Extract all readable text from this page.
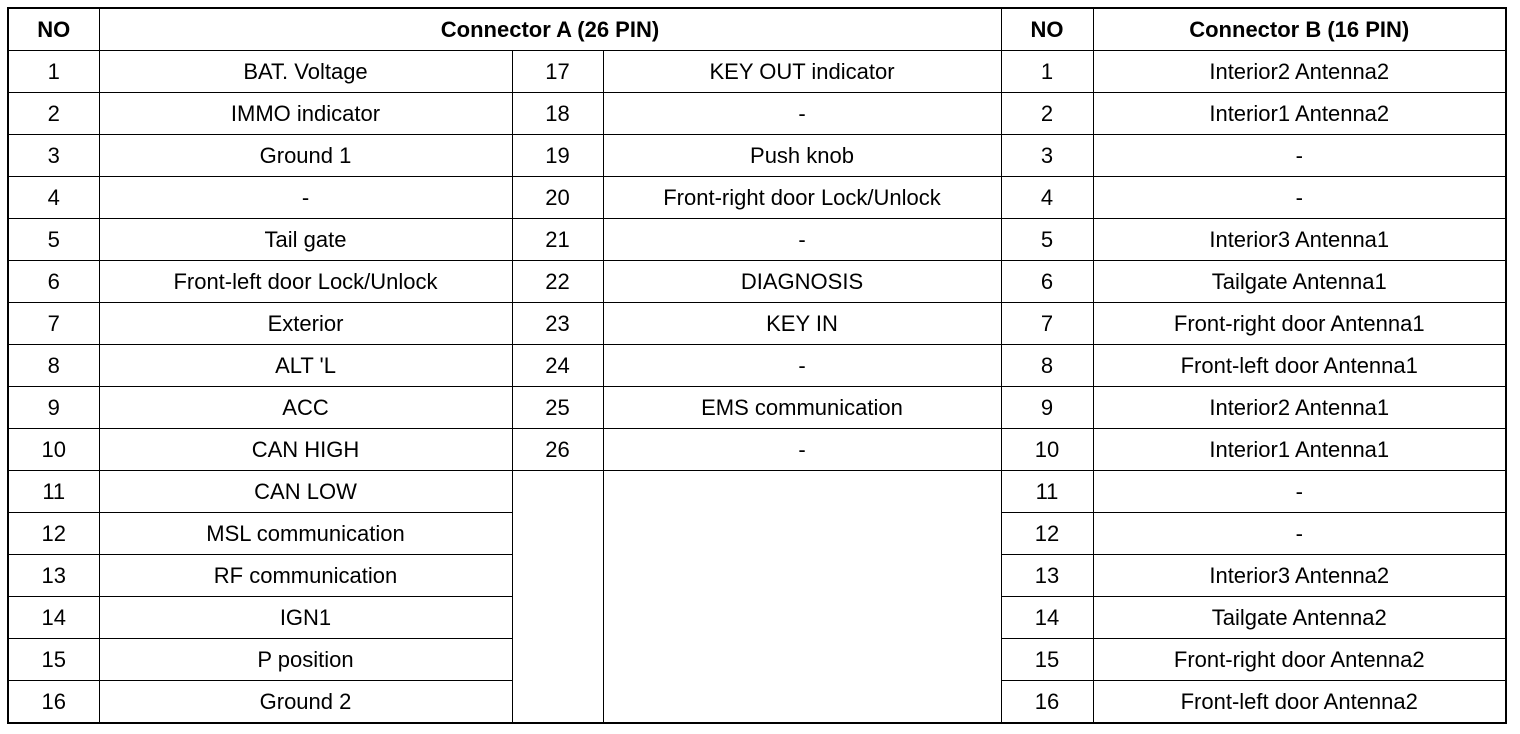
NO	Connector A (26 PIN)			NO	Connector B (16 PIN)
1	BAT. Voltage	17	KEY OUT indicator	1	Interior2 Antenna2
2	IMMO indicator	18	-	2	Interior1 Antenna2
3	Ground 1	19	Push knob	3	-
4	-	20	Front-right door Lock/Unlock	4	-
5	Tail gate	21	-	5	Interior3 Antenna1
6	Front-left door Lock/Unlock	22	DIAGNOSIS	6	Tailgate Antenna1
7	Exterior	23	KEY IN	7	Front-right door Antenna1
8	ALT 'L	24	-	8	Front-left door Antenna1
9	ACC	25	EMS communication	9	Interior2 Antenna1
10	CAN HIGH	26	-	10	Interior1 Antenna1
11	CAN LOW			11	-
12	MSL communication			12	-
13	RF communication			13	Interior3 Antenna2
14	IGN1			14	Tailgate Antenna2
15	P position			15	Front-right door Antenna2
16	Ground 2			16	Front-left door Antenna2
